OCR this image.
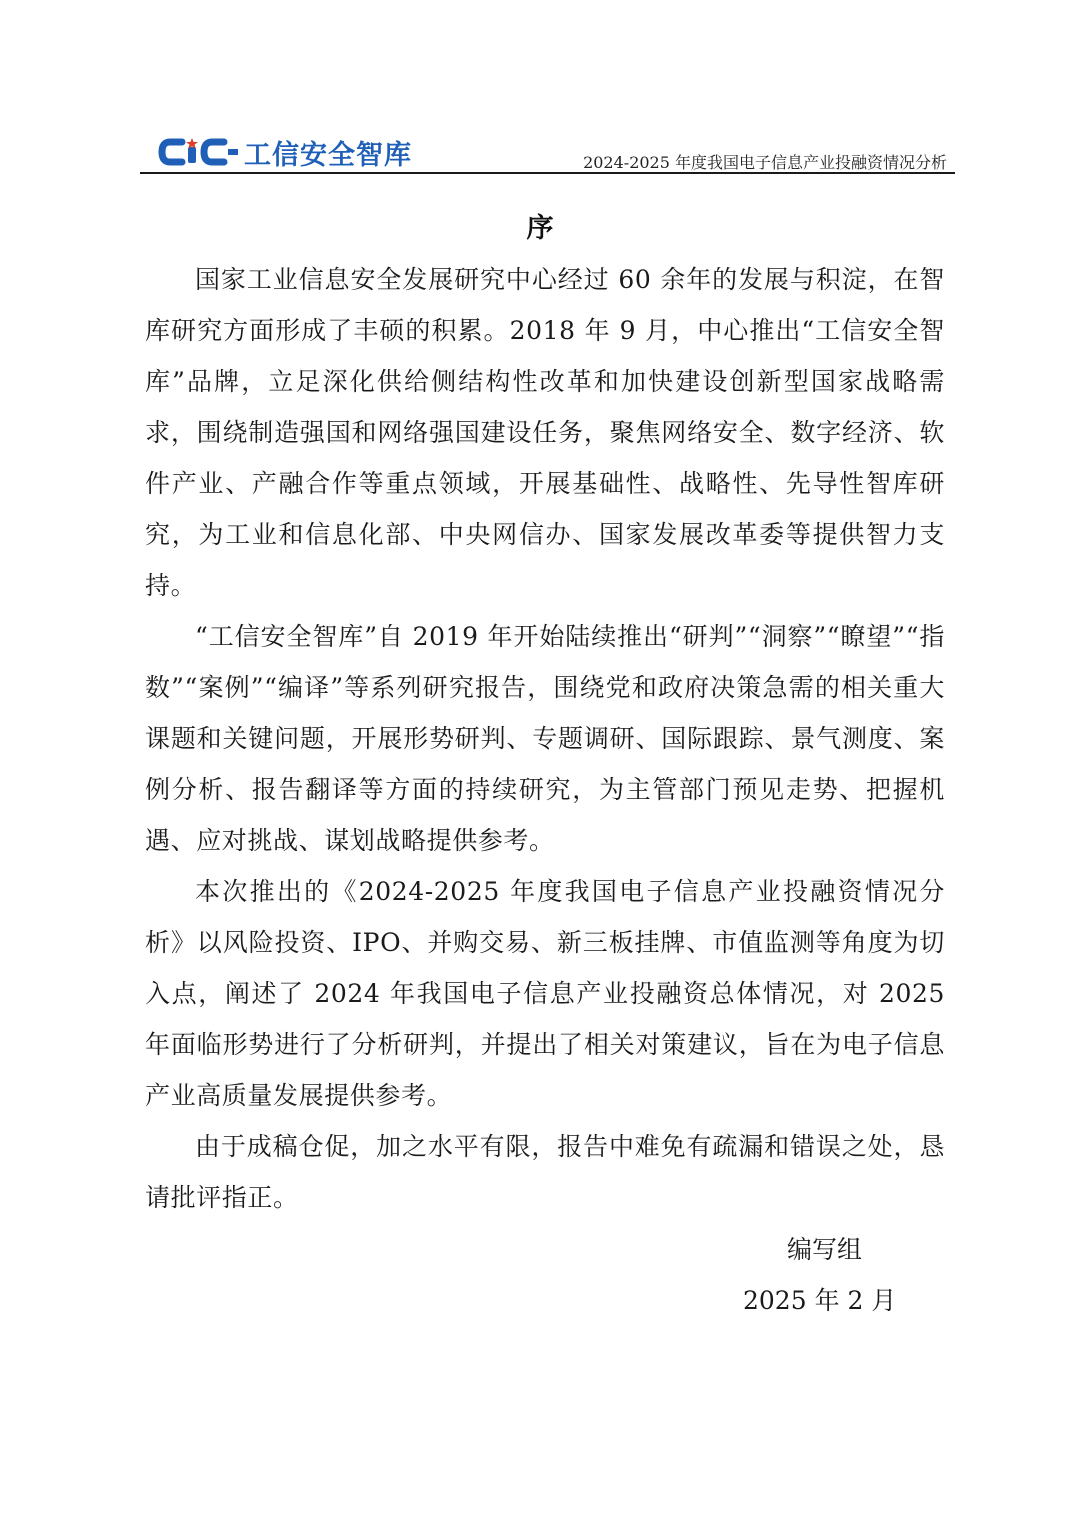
工信安全智库	2024-2025 年度我国电子信息产业投融资情况分析
序

国家工业信息安全发展研究中心经过 60 余年的发展与积淀，在智库研究方面形成了丰硕的积累。2018 年 9 月，中心推出“工信安全智库”品牌，立足深化供给侧结构性改革和加快建设创新型国家战略需求，围绕制造强国和网络强国建设任务，聚焦网络安全、数字经济、软件产业、产融合作等重点领域，开展基础性、战略性、先导性智库研究，为工业和信息化部、中央网信办、国家发展改革委等提供智力支持。

“工信安全智库”自 2019 年开始陆续推出“研判”“洞察”“瞭望”“指数”“案例”“编译”等系列研究报告，围绕党和政府决策急需的相关重大课题和关键问题，开展形势研判、专题调研、国际跟踪、景气测度、案例分析、报告翻译等方面的持续研究，为主管部门预见走势、把握机遇、应对挑战、谋划战略提供参考。

本次推出的《2024-2025 年度我国电子信息产业投融资情况分析》以风险投资、IPO、并购交易、新三板挂牌、市值监测等角度为切入点，阐述了 2024 年我国电子信息产业投融资总体情况，对 2025 年面临形势进行了分析研判，并提出了相关对策建议，旨在为电子信息产业高质量发展提供参考。

由于成稿仓促，加之水平有限，报告中难免有疏漏和错误之处，恳请批评指正。

编写组
2025 年 2 月
